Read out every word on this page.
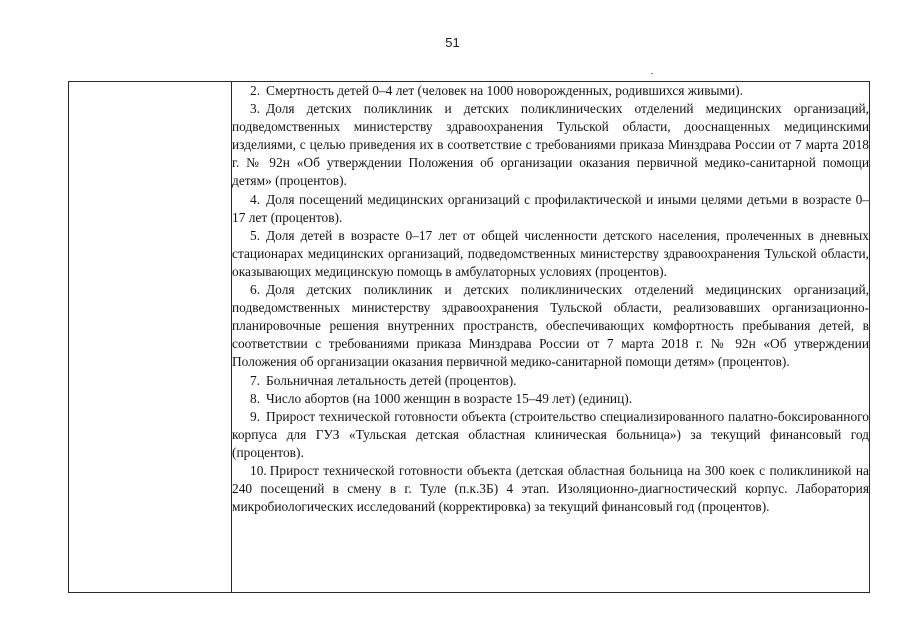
51

2. Смертность детей 0–4 лет (человек на 1000 новорожденных, родившихся живыми).

3. Доля детских поликлиник и детских поликлинических отделений медицинских организаций, подведомственных министерству здравоохранения Тульской области, дооснащенных медицинскими изделиями, с целью приведения их в соответствие с требованиями приказа Минздрава России от 7 марта 2018 г. № 92н «Об утверждении Положения об организации оказания первичной медико-санитарной помощи детям» (процентов).

4. Доля посещений медицинских организаций с профилактической и иными целями детьми в возрасте 0–17 лет (процентов).

5. Доля детей в возрасте 0–17 лет от общей численности детского населения, пролеченных в дневных стационарах медицинских организаций, подведомственных министерству здравоохранения Тульской области, оказывающих медицинскую помощь в амбулаторных условиях (процентов).

6. Доля детских поликлиник и детских поликлинических отделений медицинских организаций, подведомственных министерству здравоохранения Тульской области, реализовавших организационно-планировочные решения внутренних пространств, обеспечивающих комфортность пребывания детей, в соответствии с требованиями приказа Минздрава России от 7 марта 2018 г. № 92н «Об утверждении Положения об организации оказания первичной медико-санитарной помощи детям» (процентов).

7. Больничная летальность детей (процентов).

8. Число абортов (на 1000 женщин в возрасте 15–49 лет) (единиц).

9. Прирост технической готовности объекта (строительство специализированного палатно-боксированного корпуса для ГУЗ «Тульская детская областная клиническая больница») за текущий финансовый год (процентов).

10. Прирост технической готовности объекта (детская областная больница на 300 коек с поликлиникой на 240 посещений в смену в г. Туле (п.к.3Б) 4 этап. Изоляционно-диагностический корпус. Лаборатория микробиологических исследований (корректировка) за текущий финансовый год (процентов).
